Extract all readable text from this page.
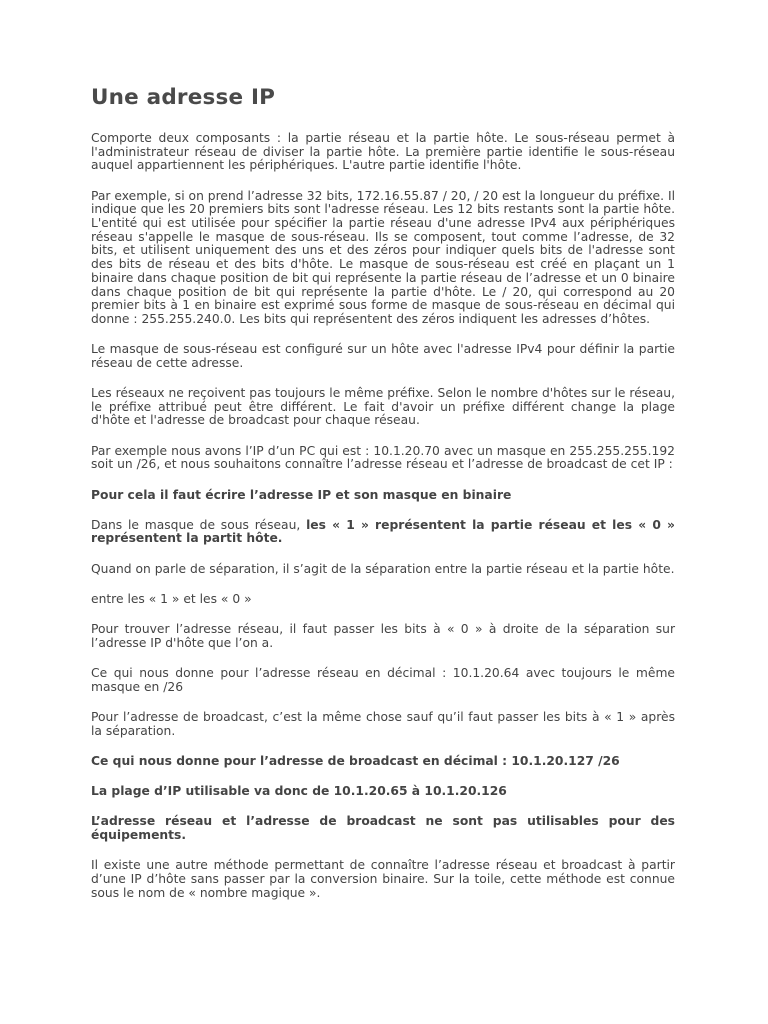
Une adresse IP

Comporte deux composants : la partie réseau et la partie hôte. Le sous-réseau permet à l'administrateur réseau de diviser la partie hôte. La première partie identifie le sous-réseau auquel appartiennent les périphériques. L'autre partie identifie l'hôte.

Par exemple, si on prend l’adresse 32 bits, 172.16.55.87 / 20, / 20 est la longueur du préfixe. Il indique que les 20 premiers bits sont l'adresse réseau. Les 12 bits restants sont la partie hôte. L'entité qui est utilisée pour spécifier la partie réseau d'une adresse IPv4 aux périphériques réseau s'appelle le masque de sous-réseau. Ils se composent, tout comme l’adresse, de 32 bits, et utilisent uniquement des uns et des zéros pour indiquer quels bits de l'adresse sont des bits de réseau et des bits d'hôte. Le masque de sous-réseau est créé en plaçant un 1 binaire dans chaque position de bit qui représente la partie réseau de l’adresse et un 0 binaire dans chaque position de bit qui représente la partie d'hôte. Le / 20, qui correspond au 20 premier bits à 1 en binaire est exprimé sous forme de masque de sous-réseau en décimal qui donne : 255.255.240.0. Les bits qui représentent des zéros indiquent les adresses d’hôtes.

Le masque de sous-réseau est configuré sur un hôte avec l'adresse IPv4 pour définir la partie réseau de cette adresse.

Les réseaux ne reçoivent pas toujours le même préfixe. Selon le nombre d'hôtes sur le réseau, le préfixe attribué peut être différent. Le fait d'avoir un préfixe différent change la plage d'hôte et l'adresse de broadcast pour chaque réseau.

Par exemple nous avons l’IP d’un PC qui est : 10.1.20.70 avec un masque en 255.255.255.192 soit un /26, et nous souhaitons connaître l’adresse réseau et l’adresse de broadcast de cet IP :

Pour cela il faut écrire l’adresse IP et son masque en binaire

Dans le masque de sous réseau, les « 1 » représentent la partie réseau et les « 0 » représentent la partit hôte.

Quand on parle de séparation, il s’agit de la séparation entre la partie réseau et la partie hôte.

entre les « 1 » et les « 0 »

Pour trouver l’adresse réseau, il faut passer les bits à « 0 » à droite de la séparation sur l’adresse IP d'hôte que l’on a.

Ce qui nous donne pour l’adresse réseau en décimal : 10.1.20.64 avec toujours le même masque en /26

Pour l’adresse de broadcast, c’est la même chose sauf qu’il faut passer les bits à « 1 » après la séparation.

Ce qui nous donne pour l’adresse de broadcast en décimal : 10.1.20.127 /26

La plage d’IP utilisable va donc de 10.1.20.65 à 10.1.20.126

L’adresse réseau et l’adresse de broadcast ne sont pas utilisables pour des équipements.

Il existe une autre méthode permettant de connaître l’adresse réseau et broadcast à partir d’une IP d’hôte sans passer par la conversion binaire. Sur la toile, cette méthode est connue sous le nom de « nombre magique ».
